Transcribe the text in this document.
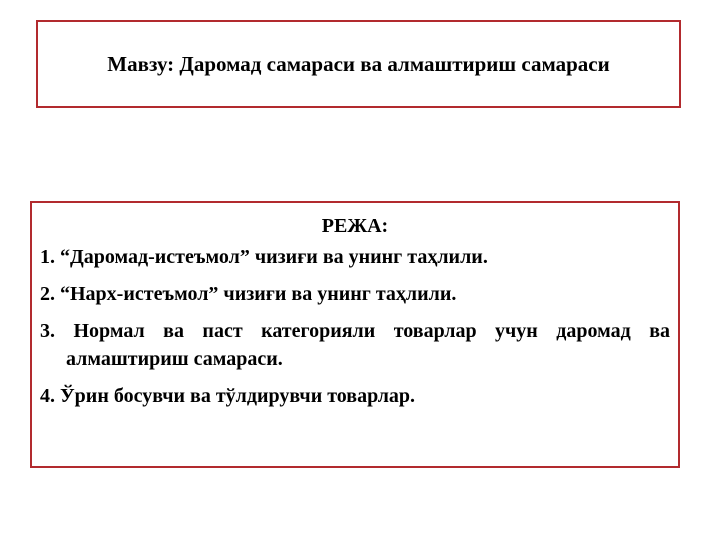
Мавзу: Даромад самараси ва алмаштириш самараси
РЕЖА:
1. “Даромад-истеъмол” чизиғи ва унинг таҳлили.
2. “Нарх-истеъмол” чизиғи ва унинг таҳлили.
3. Нормал ва паст категорияли товарлар учун даромад ва алмаштириш самараси.
4. Ўрин босувчи ва тўлдирувчи товарлар.
